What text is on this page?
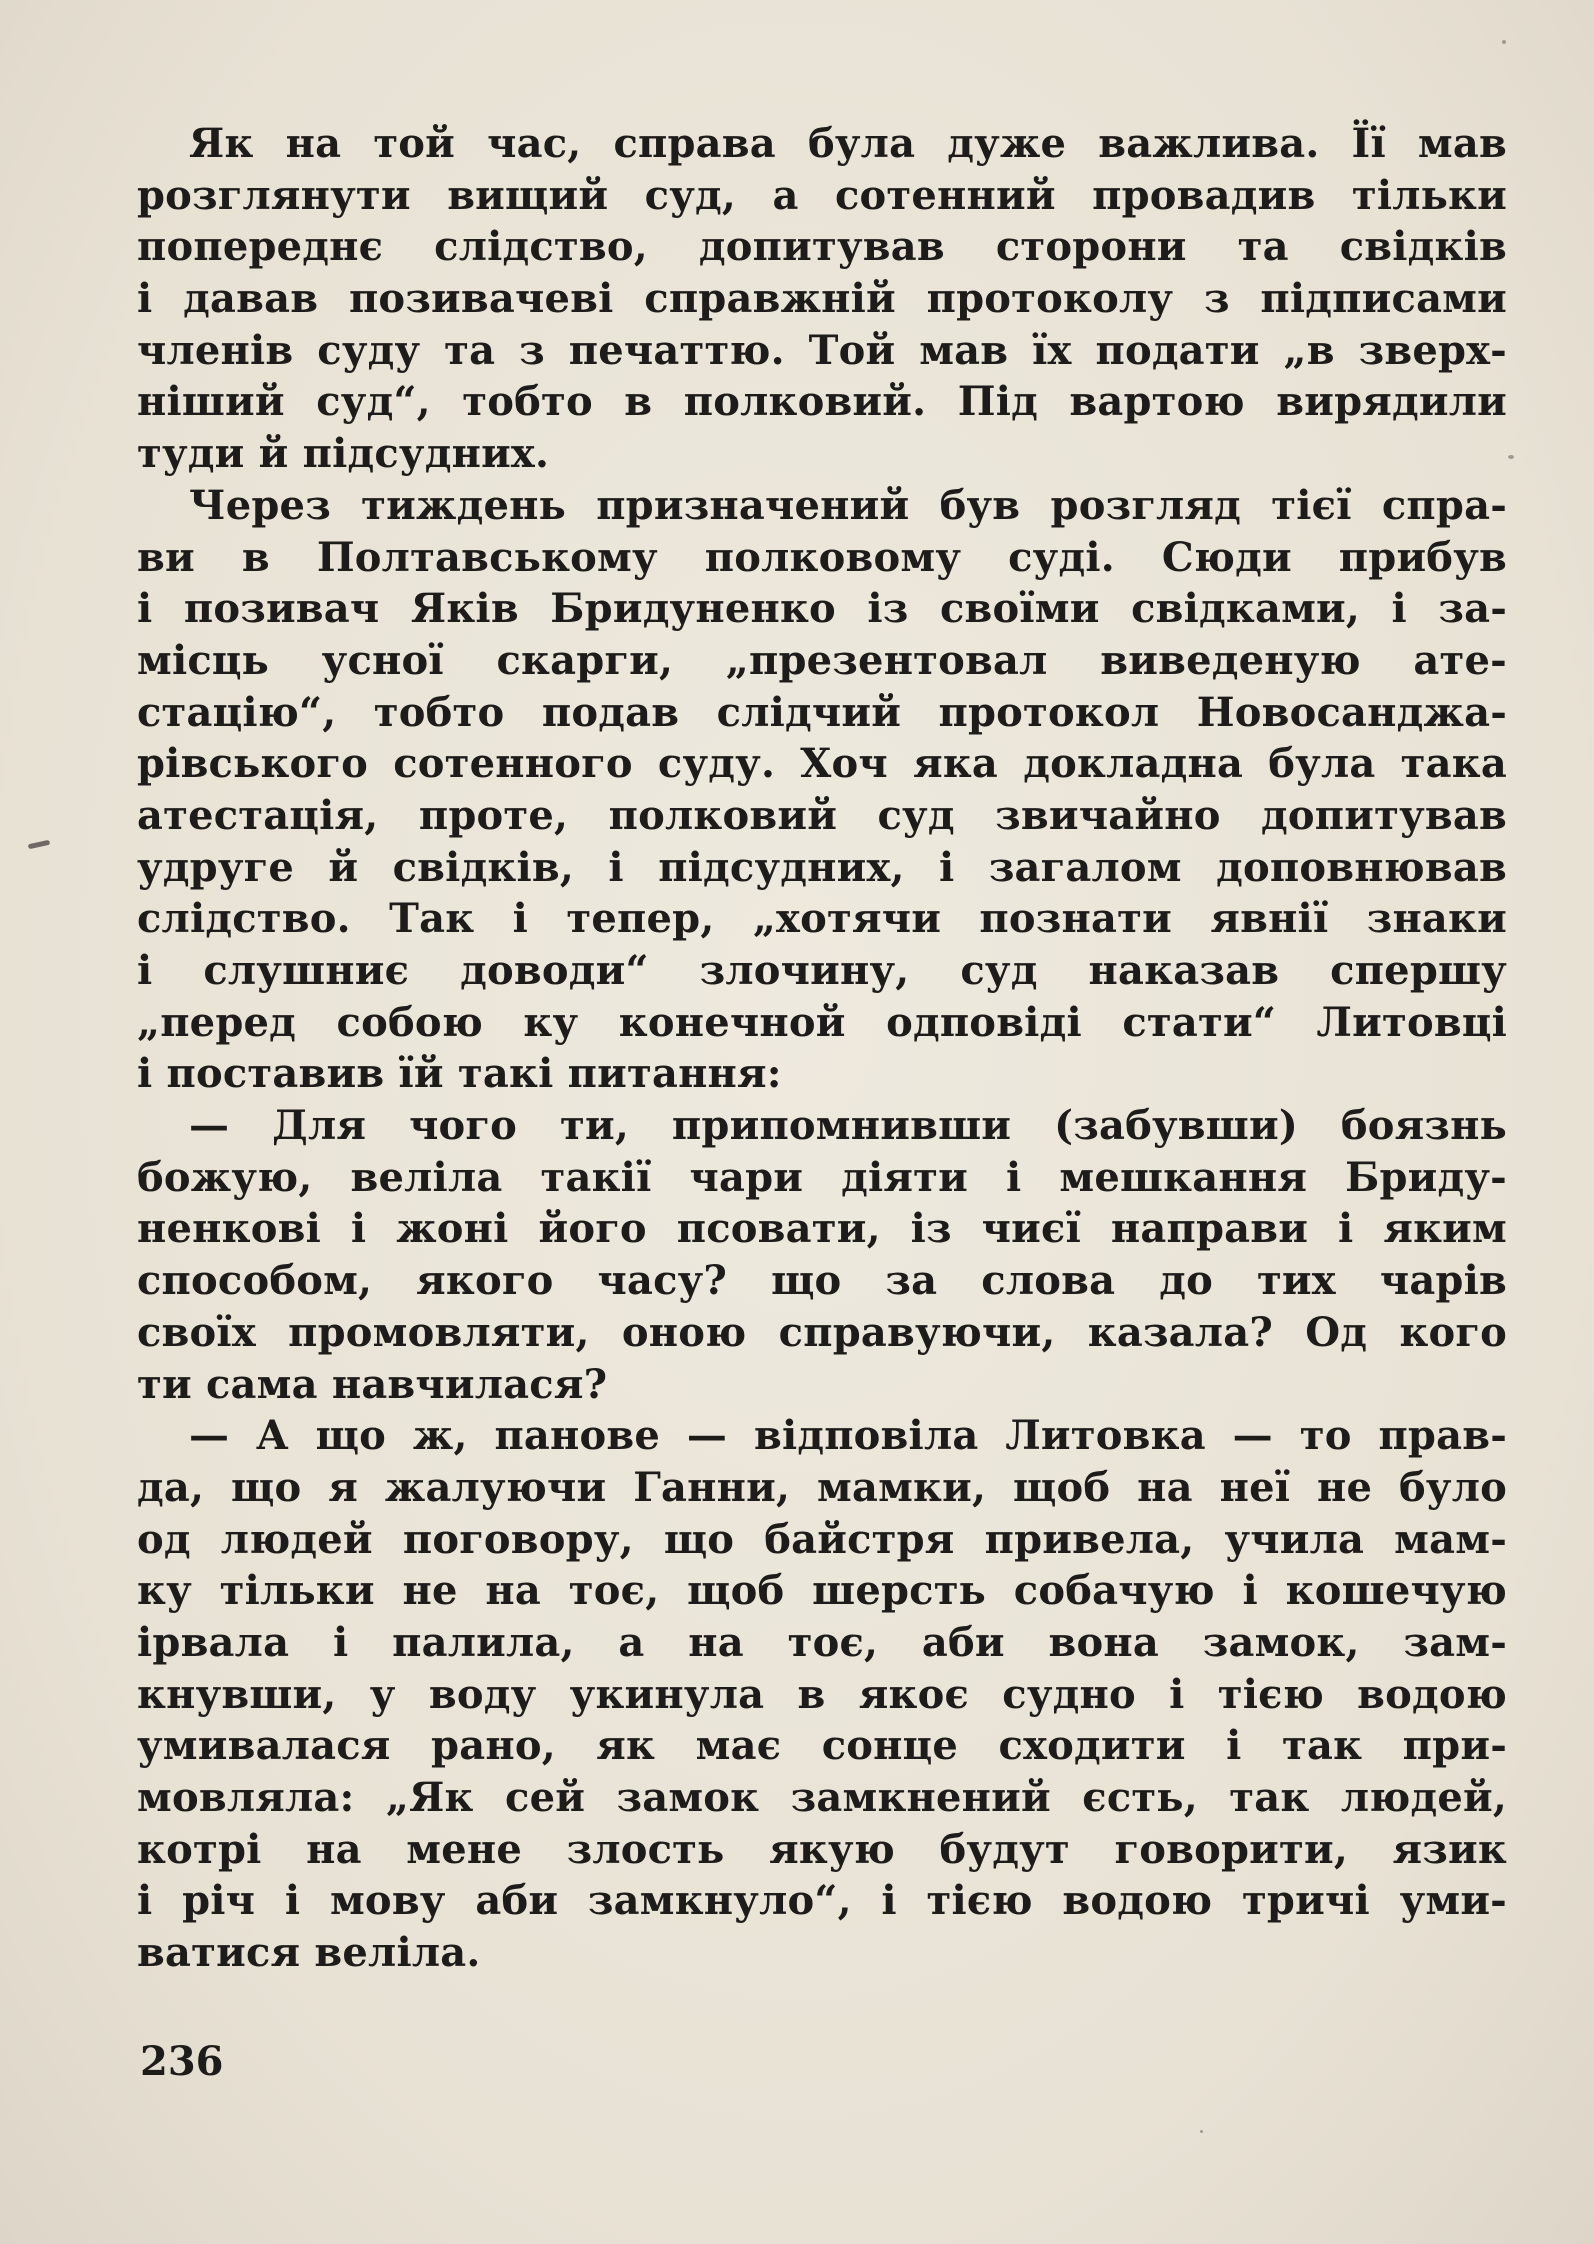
Як на той час, справа була дуже важлива. Її мав
розглянути вищий суд, а сотенний провадив тільки
попереднє слідство, допитував сторони та свідків
і давав позивачеві справжній протоколу з підписами
членів суду та з печаттю. Той мав їх подати „в зверх-
ніший суд“, тобто в полковий. Під вартою вирядили
туди й підсудних.
Через тиждень призначений був розгляд тієї спра-
ви в Полтавському полковому суді. Сюди прибув
і позивач Яків Бридуненко із своїми свідками, і за-
місць усної скарги, „презентовал виведеную ате-
стацію“, тобто подав слідчий протокол Новосанджа-
рівського сотенного суду. Хоч яка докладна була така
атестація, проте, полковий суд звичайно допитував
удруге й свідків, і підсудних, і загалом доповнював
слідство. Так і тепер, „хотячи познати явнії знаки
і слушниє доводи“ злочину, суд наказав спершу
„перед собою ку конечной одповіді стати“ Литовці
і поставив їй такі питання:
— Для чого ти, припомнивши (забувши) боязнь
божую, веліла такії чари діяти і мешкання Бриду-
ненкові і жоні його псовати, із чиєї направи і яким
способом, якого часу? що за слова до тих чарів
своїх промовляти, оною справуючи, казала? Од кого
ти сама навчилася?
— А що ж, панове — відповіла Литовка — то прав-
да, що я жалуючи Ганни, мамки, щоб на неї не було
од людей поговору, що байстря привела, учила мам-
ку тільки не на тоє, щоб шерсть собачую і кошечую
ірвала і палила, а на тоє, аби вона замок, зам-
кнувши, у воду укинула в якоє судно і тією водою
умивалася рано, як має сонце сходити і так при-
мовляла: „Як сей замок замкнений єсть, так людей,
котрі на мене злость якую будут говорити, язик
і річ і мову аби замкнуло“, і тією водою тричі уми-
ватися веліла.
236
